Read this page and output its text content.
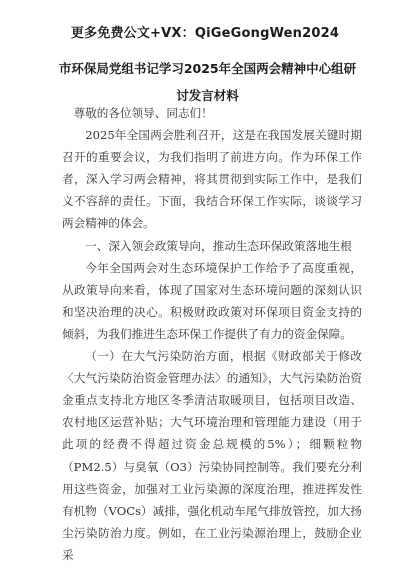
更多免费公文+VX：QiGeGongWen2024
市环保局党组书记学习2025年全国两会精神中心组研讨发言材料

尊敬的各位领导、同志们！

2025年全国两会胜利召开，这是在我国发展关键时期召开的重要会议，为我们指明了前进方向。作为环保工作者，深入学习两会精神，将其贯彻到实际工作中，是我们义不容辞的责任。下面，我结合环保工作实际，谈谈学习两会精神的体会。

一、深入领会政策导向，推动生态环保政策落地生根

今年全国两会对生态环境保护工作给予了高度重视，从政策导向来看，体现了国家对生态环境问题的深刻认识和坚决治理的决心。积极财政政策对环保项目资金支持的倾斜，为我们推进生态环保工作提供了有力的资金保障。

（一）在大气污染防治方面，根据《财政部关于修改〈大气污染防治资金管理办法〉的通知》，大气污染防治资金重点支持北方地区冬季清洁取暖项目，包括项目改造、农村地区运营补贴；大气环境治理和管理能力建设（用于此项的经费不得超过资金总规模的5%）；细颗粒物（PM2.5）与臭氧（O3）污染协同控制等。我们要充分利用这些资金，加强对工业污染源的深度治理，推进挥发性有机物（VOCs）减排，强化机动车尾气排放管控，加大扬尘污染防治力度。例如，在工业污染源治理上，鼓励企业采
